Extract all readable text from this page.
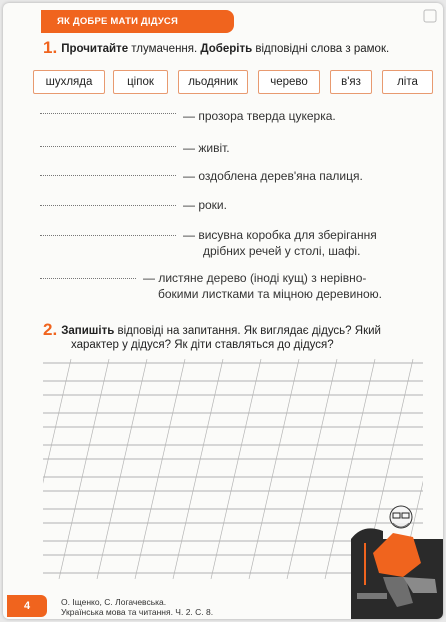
ЯК ДОБРЕ МАТИ ДІДУСЯ
1. Прочитайте тлумачення. Доберіть відповідні слова з рамок.
шухляда	ціпок	льодяник	черево	в'яз	літа
— прозора тверда цукерка.
— живіт.
— оздоблена дерев'яна палиця.
— роки.
— висувна коробка для зберігання
дрібних речей у столі, шафі.
— листяне дерево (іноді кущ) з нерівно-
бокими листками та міцною деревиною.
2. Запишіть відповіді на запитання. Як виглядає дідусь? Який
характер у дідуся? Як діти ставляться до дідуся?
4	О. Іщенко, С. Логачевська.
Українська мова та читання. Ч. 2. С. 8.
